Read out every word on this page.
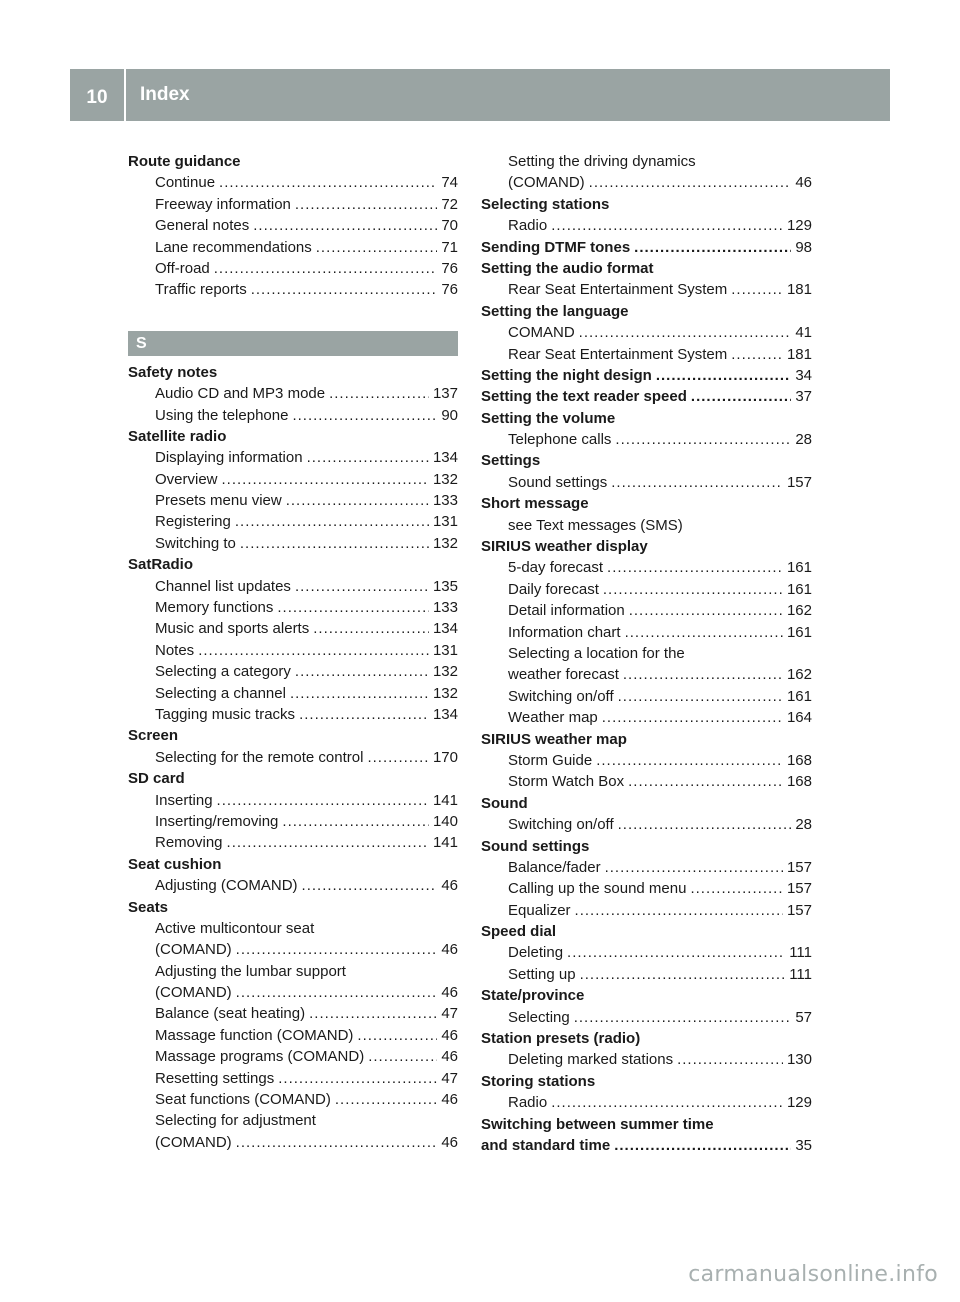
10	Index
Route guidance
Continue .....	74
Freeway information .....	72
General notes .....	70
Lane recommendations .....	71
Off-road .....	76
Traffic reports .....	76
S
Safety notes
Audio CD and MP3 mode .....	137
Using the telephone .....	90
Satellite radio
Displaying information .....	134
Overview .....	132
Presets menu view .....	133
Registering .....	131
Switching to .....	132
SatRadio
Channel list updates .....	135
Memory functions .....	133
Music and sports alerts .....	134
Notes .....	131
Selecting a category .....	132
Selecting a channel .....	132
Tagging music tracks .....	134
Screen
Selecting for the remote control .....	170
SD card
Inserting .....	141
Inserting/removing .....	140
Removing .....	141
Seat cushion
Adjusting (COMAND) .....	46
Seats
Active multicontour seat
(COMAND) .....	46
Adjusting the lumbar support
(COMAND) .....	46
Balance (seat heating) .....	47
Massage function (COMAND) .....	46
Massage programs (COMAND) .....	46
Resetting settings .....	47
Seat functions (COMAND) .....	46
Selecting for adjustment
(COMAND) .....	46
Setting the driving dynamics
(COMAND) .....	46
Selecting stations
Radio .....	129
Sending DTMF tones .....	98
Setting the audio format
Rear Seat Entertainment System .....	181
Setting the language
COMAND .....	41
Rear Seat Entertainment System .....	181
Setting the night design .....	34
Setting the text reader speed .....	37
Setting the volume
Telephone calls .....	28
Settings
Sound settings .....	157
Short message
see Text messages (SMS)
SIRIUS weather display
5-day forecast .....	161
Daily forecast .....	161
Detail information .....	162
Information chart .....	161
Selecting a location for the
weather forecast .....	162
Switching on/off .....	161
Weather map .....	164
SIRIUS weather map
Storm Guide .....	168
Storm Watch Box .....	168
Sound
Switching on/off .....	28
Sound settings
Balance/fader .....	157
Calling up the sound menu .....	157
Equalizer .....	157
Speed dial
Deleting .....	111
Setting up .....	111
State/province
Selecting .....	57
Station presets (radio)
Deleting marked stations .....	130
Storing stations
Radio .....	129
Switching between summer time
and standard time .....	35
carmanualsonline.info
